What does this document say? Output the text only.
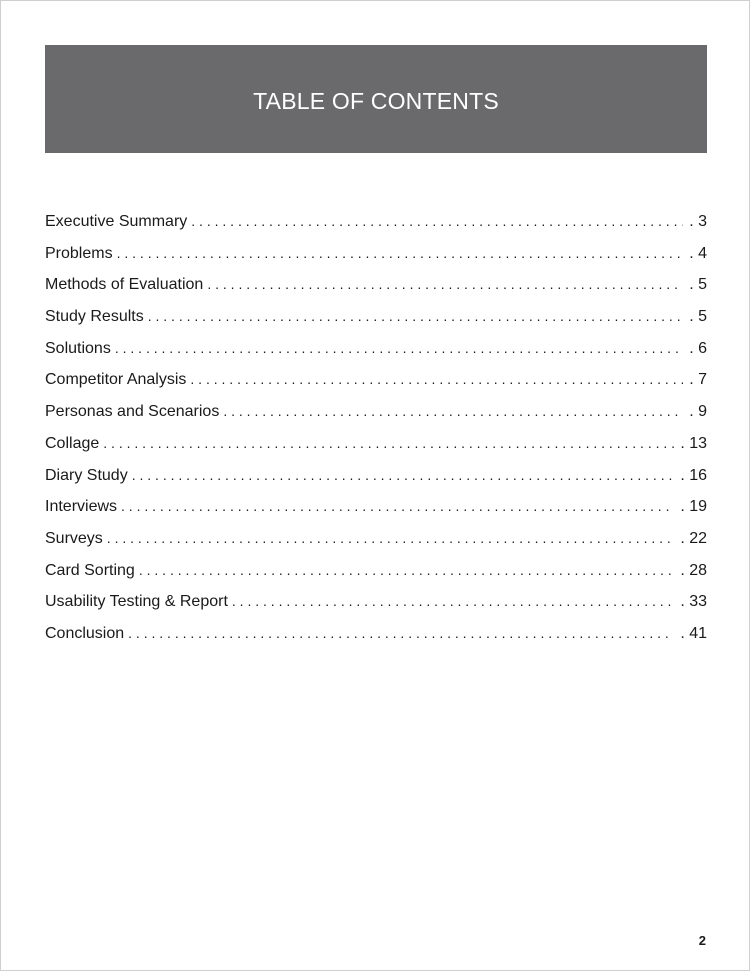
TABLE OF CONTENTS
Executive Summary . . .	. 3
Problems . . .	. 4
Methods of Evaluation . . .	. 5
Study Results . . .	. 5
Solutions . . .	. 6
Competitor Analysis . . .	. 7
Personas and Scenarios . . .	. 9
Collage . . .	. 13
Diary Study . . .	. 16
Interviews . . .	. 19
Surveys . . .	. 22
Card Sorting . . .	. 28
Usability Testing & Report . . .	. 33
Conclusion . . .	. 41
2
